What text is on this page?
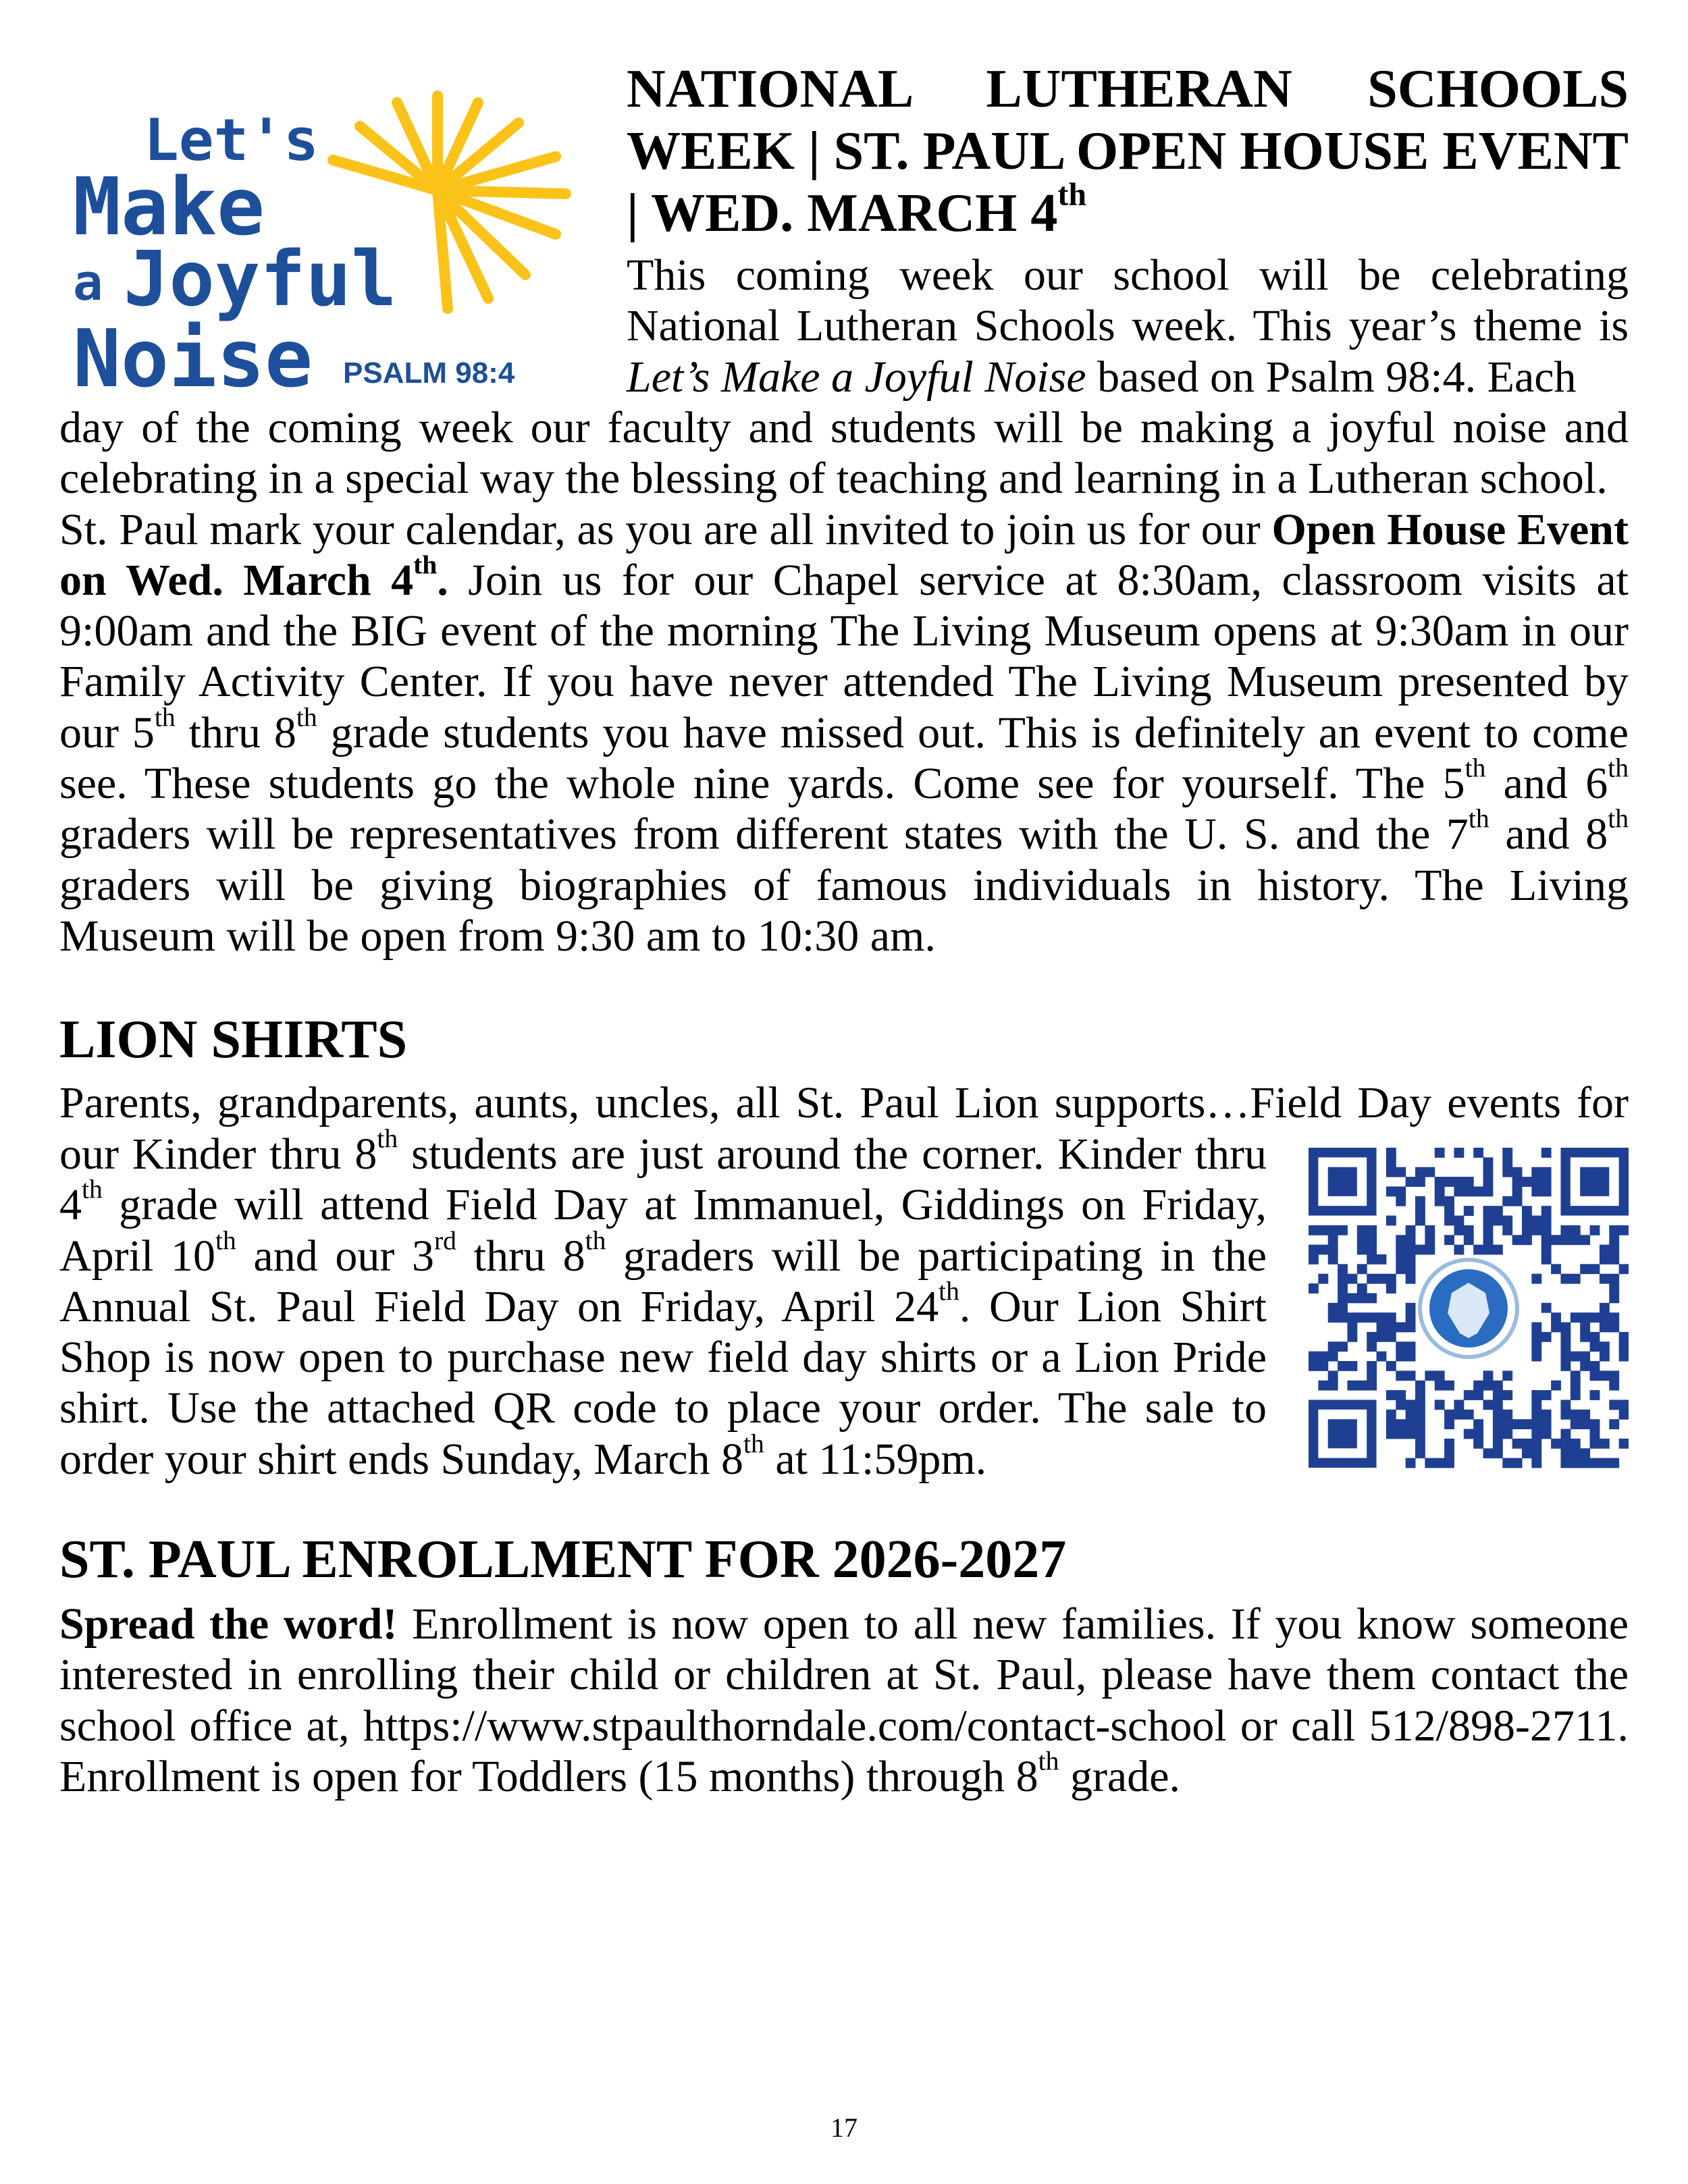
Let's
Make
a Joyful
Noise PSALM 98:4
NATIONAL LUTHERAN SCHOOLS WEEK | ST. PAUL OPEN HOUSE EVENT | WED. MARCH 4th

This coming week our school will be celebrating National Lutheran Schools week. This year’s theme is Let’s Make a Joyful Noise based on Psalm 98:4. Each

day of the coming week our faculty and students will be making a joyful noise and celebrating in a special way the blessing of teaching and learning in a Lutheran school.

St. Paul mark your calendar, as you are all invited to join us for our Open House Event on Wed. March 4th. Join us for our Chapel service at 8:30am, classroom visits at 9:00am and the BIG event of the morning The Living Museum opens at 9:30am in our Family Activity Center. If you have never attended The Living Museum presented by our 5th thru 8th grade students you have missed out. This is definitely an event to come see. These students go the whole nine yards. Come see for yourself. The 5th and 6th graders will be representatives from different states with the U. S. and the 7th and 8th graders will be giving biographies of famous individuals in history. The Living Museum will be open from 9:30 am to 10:30 am.

LION SHIRTS

Parents, grandparents, aunts, uncles, all St. Paul Lion supports…Field Day events for

our Kinder thru 8th students are just around the corner. Kinder thru 4th grade will attend Field Day at Immanuel, Giddings on Friday, April 10th and our 3rd thru 8th graders will be participating in the Annual St. Paul Field Day on Friday, April 24th. Our Lion Shirt Shop is now open to purchase new field day shirts or a Lion Pride shirt. Use the attached QR code to place your order. The sale to order your shirt ends Sunday, March 8th at 11:59pm.

ST. PAUL ENROLLMENT FOR 2026-2027

Spread the word! Enrollment is now open to all new families. If you know someone interested in enrolling their child or children at St. Paul, please have them contact the school office at, https://www.stpaulthorndale.com/contact-school or call 512/898-2711. Enrollment is open for Toddlers (15 months) through 8th grade.

17
